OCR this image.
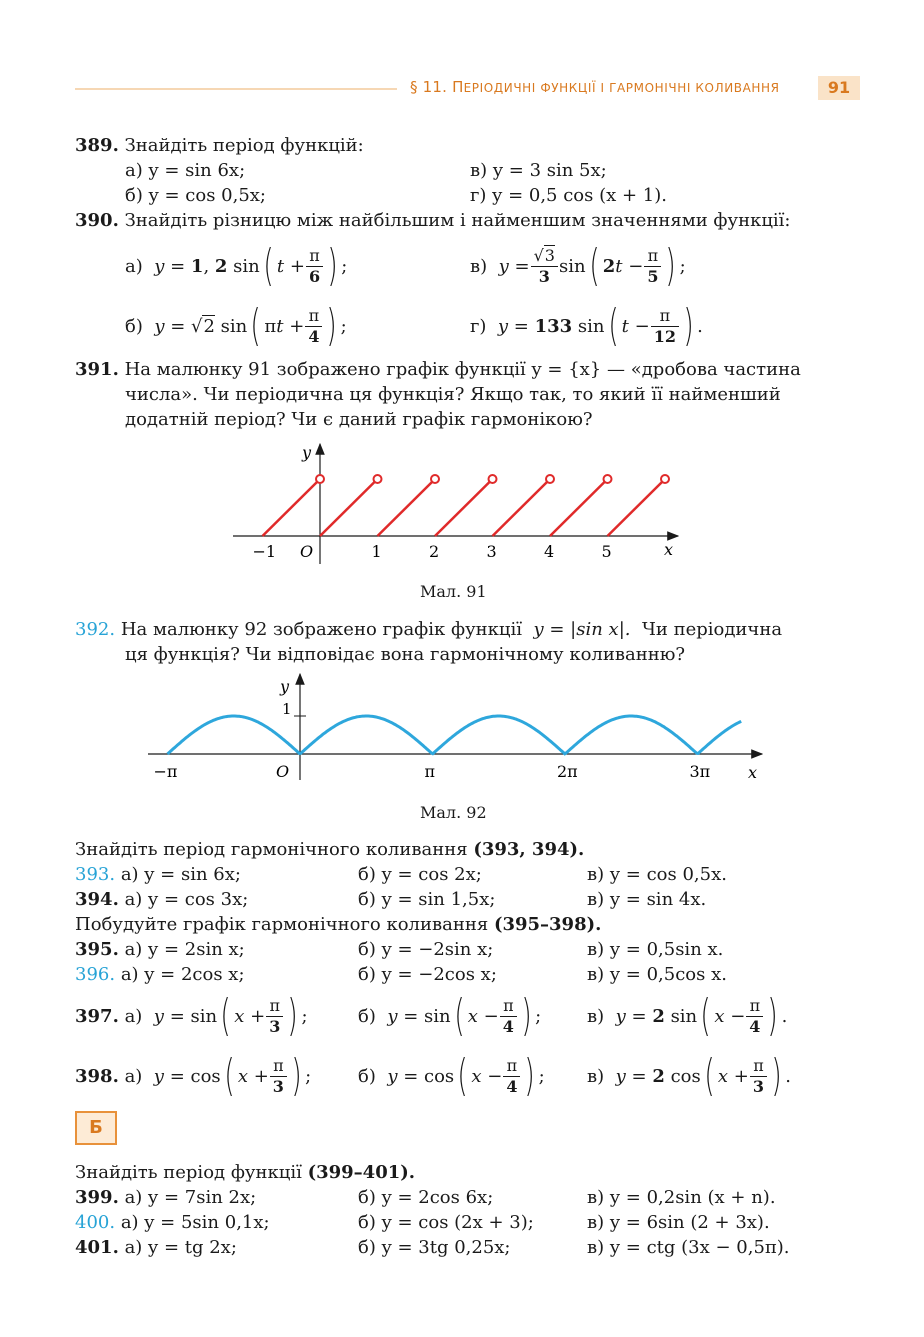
§ 11. ПЕРІОДИЧНІ ФУНКЦІЇ І ГАРМОНІЧНІ КОЛИВАННЯ	91
389. Знайдіть період функцій:
а) y = sin 6x;	в) y = 3 sin 5x;
б) y = cos 0,5x;	г) y = 0,5 cos (x + 1).
390. Знайдіть різницю між найбільшим і найменшим значеннями функції:
а)
y = 1 , 2 sin ( $t + \frac{\pi}{6}$ ) ;	в)
$y = \frac{√3}{3}$ sin ( 2 $t - \frac{\pi}{5}$ ) ;
б)
y = √ 2 sin ( π $t + \frac{\pi}{4}$ ) ;	г)
y = 133 sin ( $t - \frac{\pi}{12}$ ) .
391. На малюнку 91 зображено графік функції y = {x} — «дробова частина
числа». Чи періодична ця функція? Якщо так, то який її найменший
додатній період? Чи є даний графік гармонікою?
y
x
−1 O	1	2	3	4	5
Мал. 91
392. На малюнку 92 зображено графік функції y = |sin x|. Чи періодична
ця функція? Чи відповідає вона гармонічному коливанню?
y
1
x
−π	O	π	2π	3π
Мал. 92
Знайдіть період гармонічного коливання (393, 394).
393. а) y = sin 6x;	б) y = cos 2x;	в) y = cos 0,5x.
394. а) y = cos 3x;	б) y = sin 1,5x;	в) y = sin 4x.
Побудуйте графік гармонічного коливання (395–398).
395. а) y = 2sin x;	б) y = −2sin x;	в) y = 0,5sin x.
396. а) y = 2cos x;	б) y = −2cos x;	в) y = 0,5cos x.
397.
а)
y = sin ( $x + \frac{\pi}{3}$ ) ;	б)
y = sin ( $x - \frac{\pi}{4}$ ) ;	в)
y = 2 sin ( $x - \frac{\pi}{4}$ ) .
398.
а)
y = cos ( $x + \frac{\pi}{3}$ ) ;	б)
y = cos ( $x - \frac{\pi}{4}$ ) ; в)
y = 2 cos ( $x + \frac{\pi}{3}$ ) .
Б
Знайдіть період функції (399–401).
399. а) y = 7sin 2x;	б) y = 2cos 6x;	в) y = 0,2sin (x + n).
400. а) y = 5sin 0,1x;	б) y = cos (2x + 3);	в) y = 6sin (2 + 3x).
401. а) y = tg 2x;	б) y = 3tg 0,25x;	в) y = ctg (3x − 0,5π).
